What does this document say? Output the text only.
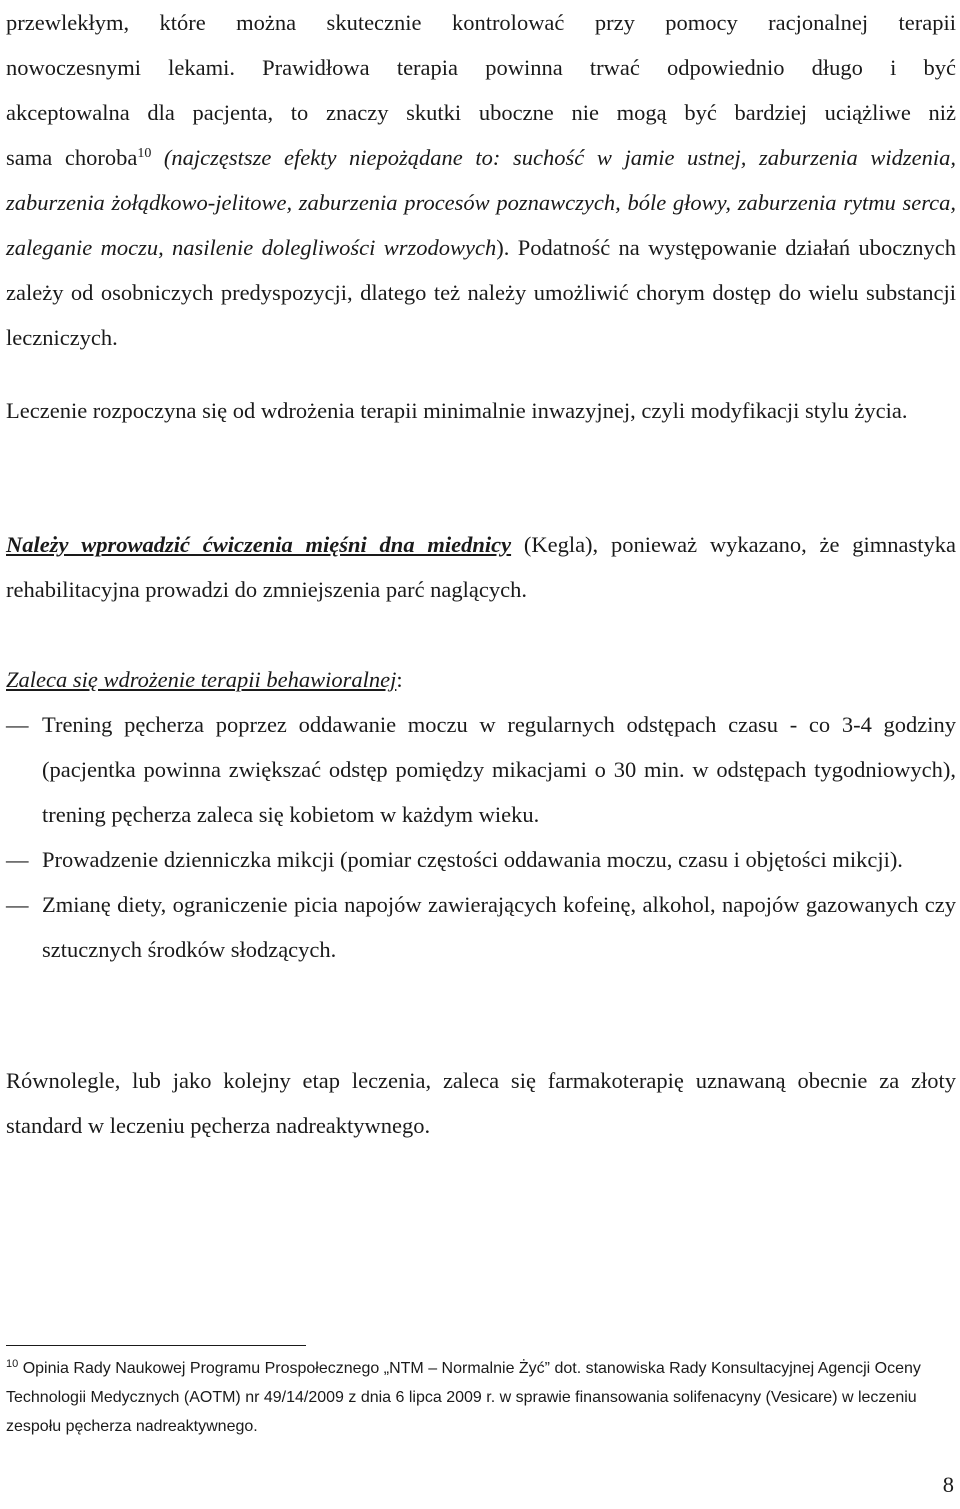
przewlekłym, które można skutecznie kontrolować przy pomocy racjonalnej terapii
nowoczesnymi lekami. Prawidłowa terapia powinna trwać odpowiednio długo i być
akceptowalna dla pacjenta, to znaczy skutki uboczne nie mogą być bardziej uciążliwe niż
sama choroba$^{10}$ (najczęstsze efekty niepożądane to: suchość w jamie ustnej, zaburzenia widzenia, zaburzenia żołądkowo-jelitowe, zaburzenia procesów poznawczych, bóle głowy, zaburzenia rytmu serca, zaleganie moczu, nasilenie dolegliwości wrzodowych). Podatność na występowanie działań ubocznych zależy od osobniczych predyspozycji, dlatego też należy umożliwić chorym dostęp do wielu substancji leczniczych.
Leczenie rozpoczyna się od wdrożenia terapii minimalnie inwazyjnej, czyli modyfikacji stylu życia.
Należy wprowadzić ćwiczenia mięśni dna miednicy (Kegla), ponieważ wykazano, że gimnastyka rehabilitacyjna prowadzi do zmniejszenia parć naglących.
Zaleca się wdrożenie terapii behawioralnej:
— Trening pęcherza poprzez oddawanie moczu w regularnych odstępach czasu - co 3-4 godziny (pacjentka powinna zwiększać odstęp pomiędzy mikacjami o 30 min. w odstępach tygodniowych), trening pęcherza zaleca się kobietom w każdym wieku.
— Prowadzenie dzienniczka mikcji (pomiar częstości oddawania moczu, czasu i objętości mikcji).
— Zmianę diety, ograniczenie picia napojów zawierających kofeinę, alkohol, napojów gazowanych czy sztucznych środków słodzących.
Równolegle, lub jako kolejny etap leczenia, zaleca się farmakoterapię uznawaną obecnie za złoty standard w leczeniu pęcherza nadreaktywnego.
$^{10}$ Opinia Rady Naukowej Programu Prospołecznego „NTM – Normalnie Żyć” dot. stanowiska Rady Konsultacyjnej Agencji Oceny Technologii Medycznych (AOTM) nr 49/14/2009 z dnia 6 lipca 2009 r. w sprawie finansowania solifenacyny (Vesicare) w leczeniu zespołu pęcherza nadreaktywnego.
8
